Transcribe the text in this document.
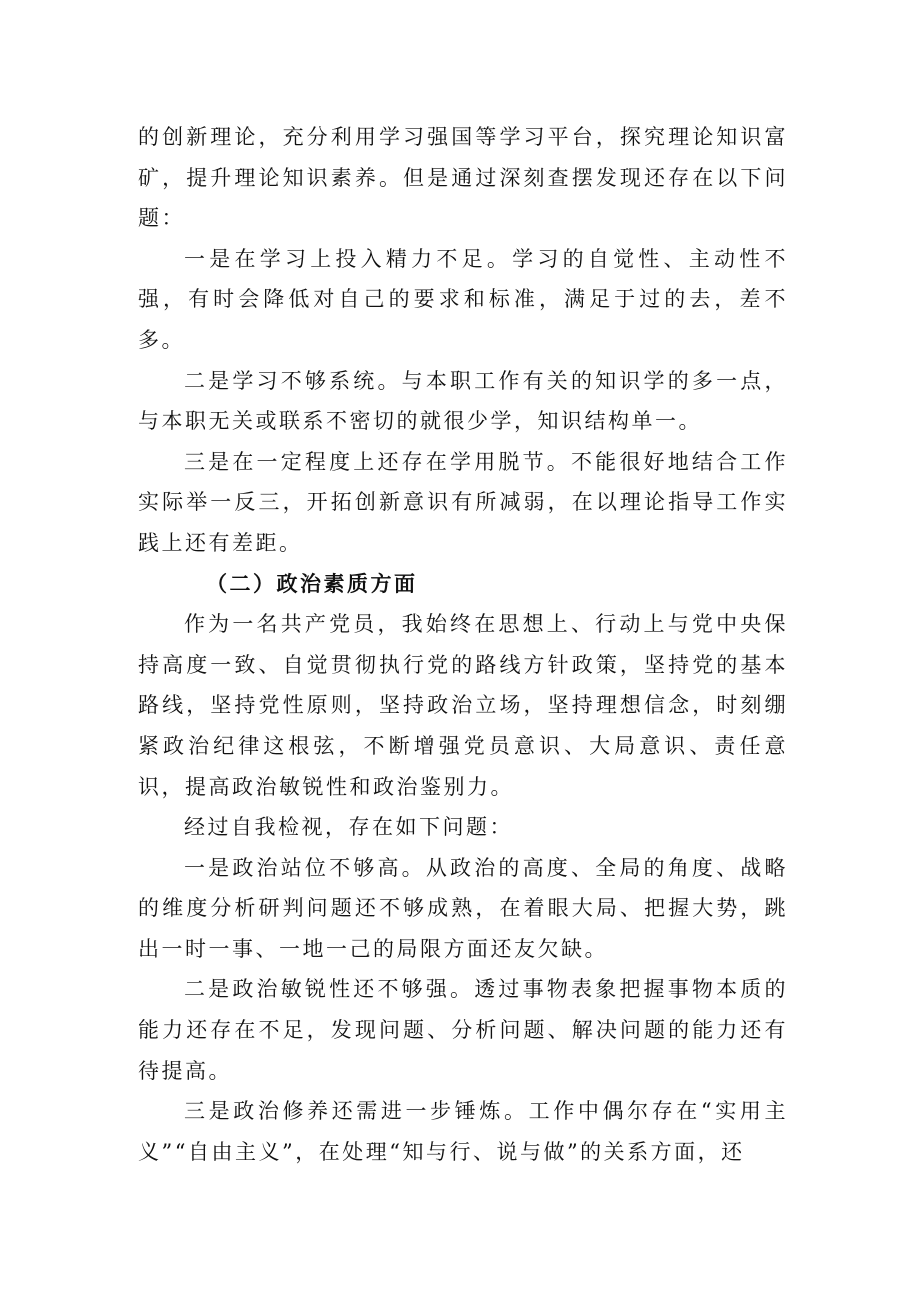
的创新理论，充分利用学习强国等学习平台，探究理论知识富矿，提升理论知识素养。但是通过深刻查摆发现还存在以下问题：

一是在学习上投入精力不足。学习的自觉性、主动性不强，有时会降低对自己的要求和标准，满足于过的去，差不多。

二是学习不够系统。与本职工作有关的知识学的多一点，与本职无关或联系不密切的就很少学，知识结构单一。

三是在一定程度上还存在学用脱节。不能很好地结合工作实际举一反三，开拓创新意识有所减弱，在以理论指导工作实践上还有差距。

（二）政治素质方面

作为一名共产党员，我始终在思想上、行动上与党中央保持高度一致、自觉贯彻执行党的路线方针政策，坚持党的基本路线，坚持党性原则，坚持政治立场，坚持理想信念，时刻绷紧政治纪律这根弦，不断增强党员意识、大局意识、责任意识，提高政治敏锐性和政治鉴别力。

经过自我检视，存在如下问题：

一是政治站位不够高。从政治的高度、全局的角度、战略的维度分析研判问题还不够成熟，在着眼大局、把握大势，跳出一时一事、一地一己的局限方面还友欠缺。

二是政治敏锐性还不够强。透过事物表象把握事物本质的能力还存在不足，发现问题、分析问题、解决问题的能力还有待提高。

三是政治修养还需进一步锤炼。工作中偶尔存在“实用主义”“自由主义”，在处理“知与行、说与做”的关系方面，还
